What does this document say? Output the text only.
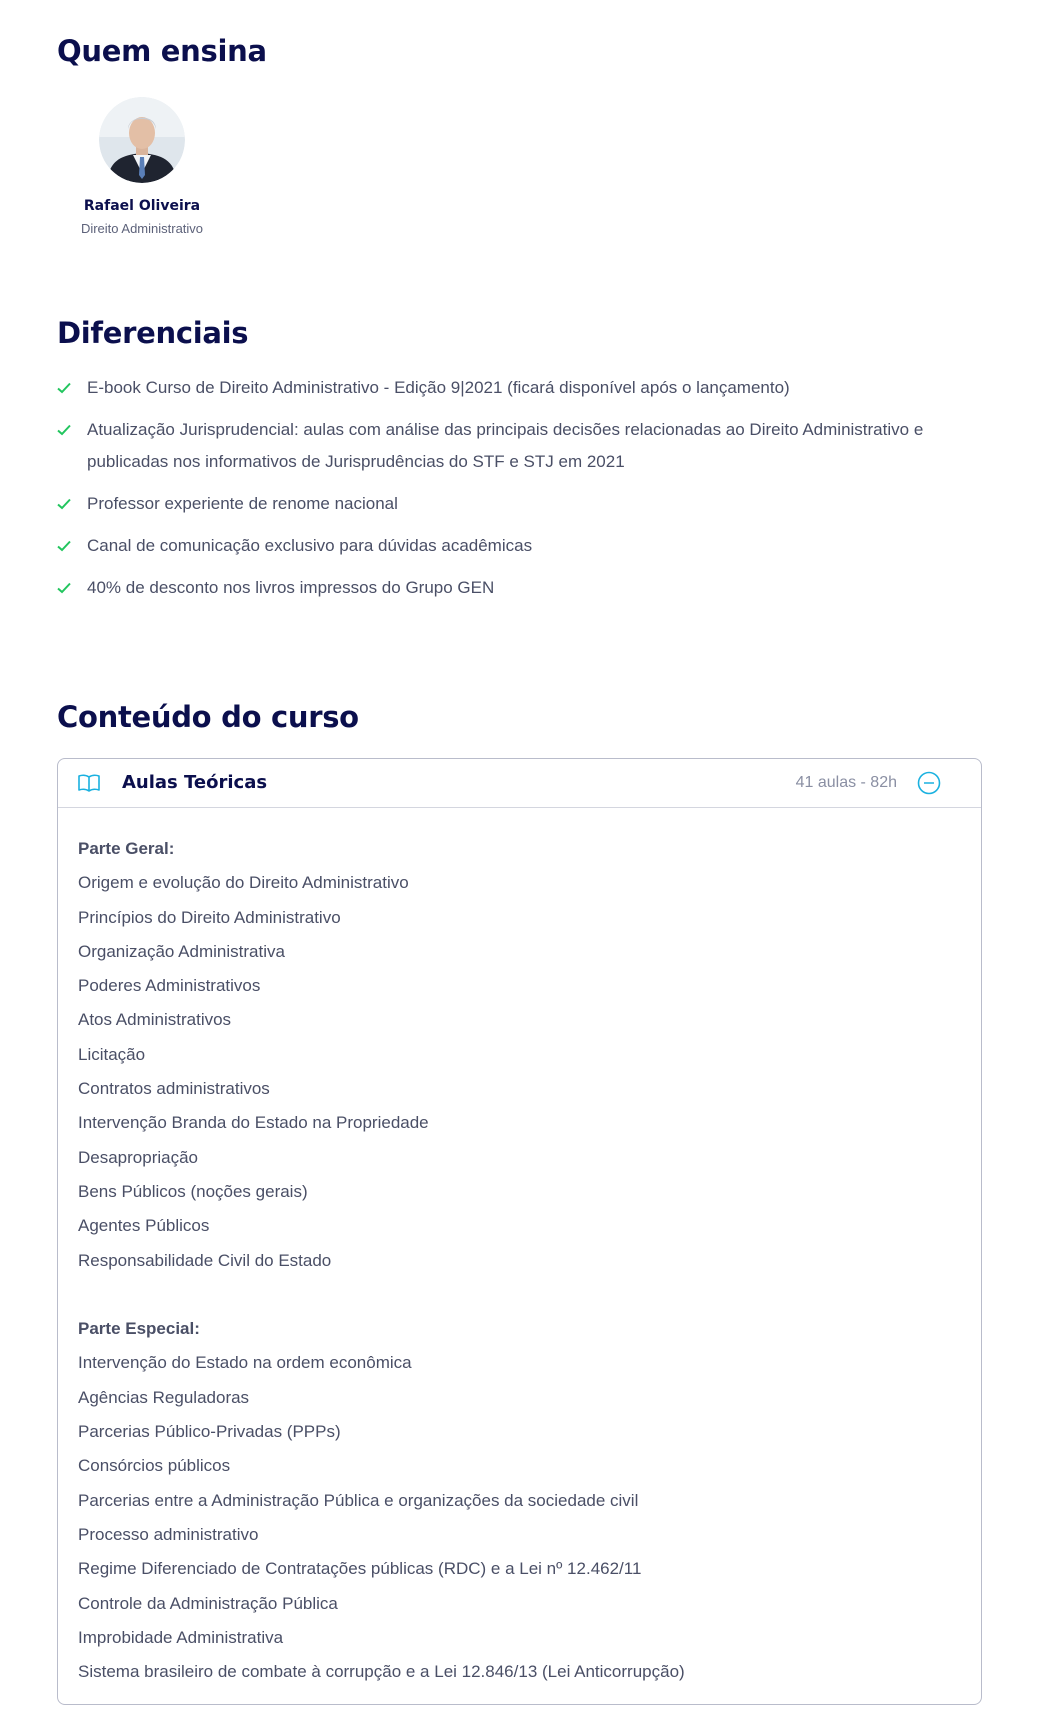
Quem ensina
Rafael Oliveira
Direito Administrativo
Diferenciais
E-book Curso de Direito Administrativo - Edição 9|2021 (ficará disponível após o lançamento)
Atualização Jurisprudencial: aulas com análise das principais decisões relacionadas ao Direito Administrativo e publicadas nos informativos de Jurisprudências do STF e STJ em 2021
Professor experiente de renome nacional
Canal de comunicação exclusivo para dúvidas acadêmicas
40% de desconto nos livros impressos do Grupo GEN
Conteúdo do curso
Aulas Teóricas	41 aulas - 82h
Parte Geral:
Origem e evolução do Direito Administrativo
Princípios do Direito Administrativo
Organização Administrativa
Poderes Administrativos
Atos Administrativos
Licitação
Contratos administrativos
Intervenção Branda do Estado na Propriedade
Desapropriação
Bens Públicos (noções gerais)
Agentes Públicos
Responsabilidade Civil do Estado
Parte Especial:
Intervenção do Estado na ordem econômica
Agências Reguladoras
Parcerias Público-Privadas (PPPs)
Consórcios públicos
Parcerias entre a Administração Pública e organizações da sociedade civil
Processo administrativo
Regime Diferenciado de Contratações públicas (RDC) e a Lei nº 12.462/11
Controle da Administração Pública
Improbidade Administrativa
Sistema brasileiro de combate à corrupção e a Lei 12.846/13 (Lei Anticorrupção)
